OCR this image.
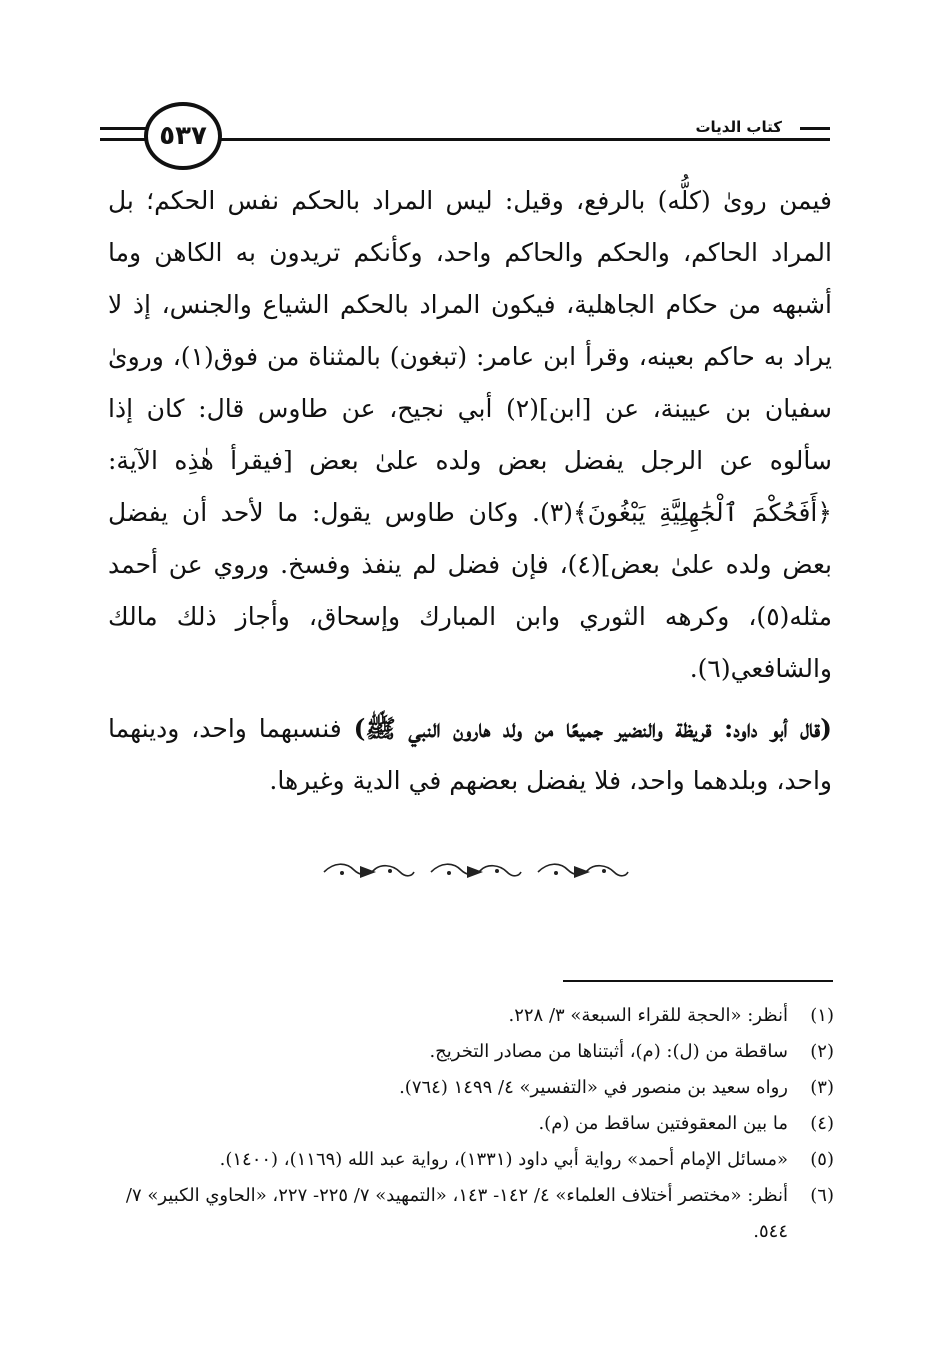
٥٣٧	كتاب الديات

فيمن روىٰ (كلُّه) بالرفع، وقيل: ليس المراد بالحكم نفس الحكم؛ بل المراد الحاكم، والحكم والحاكم واحد، وكأنكم تريدون به الكاهن وما أشبهه من حكام الجاهلية، فيكون المراد بالحكم الشياع والجنس، إذ لا يراد به حاكم بعينه، وقرأ ابن عامر: (تبغون) بالمثناة من فوق(١)، وروىٰ سفيان بن عيينة، عن [ابن](٢) أبي نجيح، عن طاوس قال: كان إذا سألوه عن الرجل يفضل بعض ولده علىٰ بعض [فيقرأ هٰذِه الآية: ﴿أَفَحُكْمَ ٱلْجَٰهِلِيَّةِ يَبْغُونَ﴾(٣). وكان طاوس يقول: ما لأحد أن يفضل بعض ولده علىٰ بعض](٤)، فإن فضل لم ينفذ وفسخ. وروي عن أحمد مثله(٥)، وكرهه الثوري وابن المبارك وإسحاق، وأجاز ذلك مالك والشافعي(٦).

(قال أبو داود: قريظة والنضير جميعًا من ولد هارون النبي ﷺ) فنسبهما واحد، ودينهما واحد، وبلدهما واحد، فلا يفضل بعضهم في الدية وغيرها.

(١)
أنظر: «الحجة للقراء السبعة» ٣/ ٢٢٨.
(٢)
ساقطة من (ل): (م)، أثبتناها من مصادر التخريج.
(٣)
رواه سعيد بن منصور في «التفسير» ٤/ ١٤٩٩ (٧٦٤).
(٤)
ما بين المعقوفتين ساقط من (م).
(٥)
«مسائل الإمام أحمد» رواية أبي داود (١٣٣١)، رواية عبد الله (١١٦٩)، (١٤٠٠).
(٦)
أنظر: «مختصر أختلاف العلماء» ٤/ ١٤٢- ١٤٣، «التمهيد» ٧/ ٢٢٥- ٢٢٧، «الحاوي الكبير» ٧/ ٥٤٤.
